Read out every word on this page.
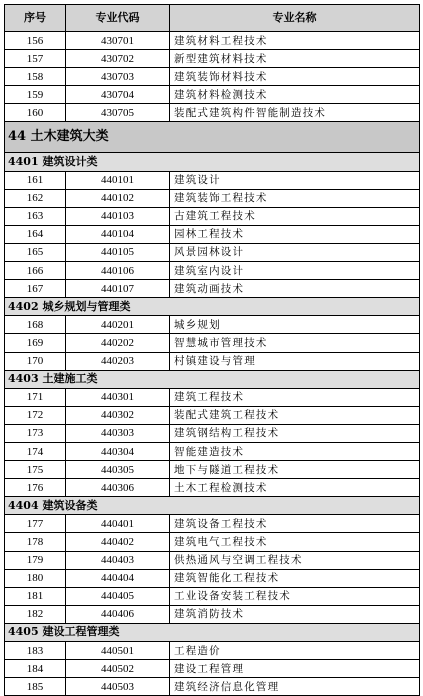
序号	专业代码	专业名称
156	430701	建筑材料工程技术
157	430702	新型建筑材料技术
158	430703	建筑装饰材料技术
159	430704	建筑材料检测技术
160	430705	装配式建筑构件智能制造技术
44 土木建筑大类		
4401 建筑设计类		
161	440101	建筑设计
162	440102	建筑装饰工程技术
163	440103	古建筑工程技术
164	440104	园林工程技术
165	440105	风景园林设计
166	440106	建筑室内设计
167	440107	建筑动画技术
4402 城乡规划与管理类		
168	440201	城乡规划
169	440202	智慧城市管理技术
170	440203	村镇建设与管理
4403 土建施工类		
171	440301	建筑工程技术
172	440302	装配式建筑工程技术
173	440303	建筑钢结构工程技术
174	440304	智能建造技术
175	440305	地下与隧道工程技术
176	440306	土木工程检测技术
4404 建筑设备类		
177	440401	建筑设备工程技术
178	440402	建筑电气工程技术
179	440403	供热通风与空调工程技术
180	440404	建筑智能化工程技术
181	440405	工业设备安装工程技术
182	440406	建筑消防技术
4405 建设工程管理类		
183	440501	工程造价
184	440502	建设工程管理
185	440503	建筑经济信息化管理
